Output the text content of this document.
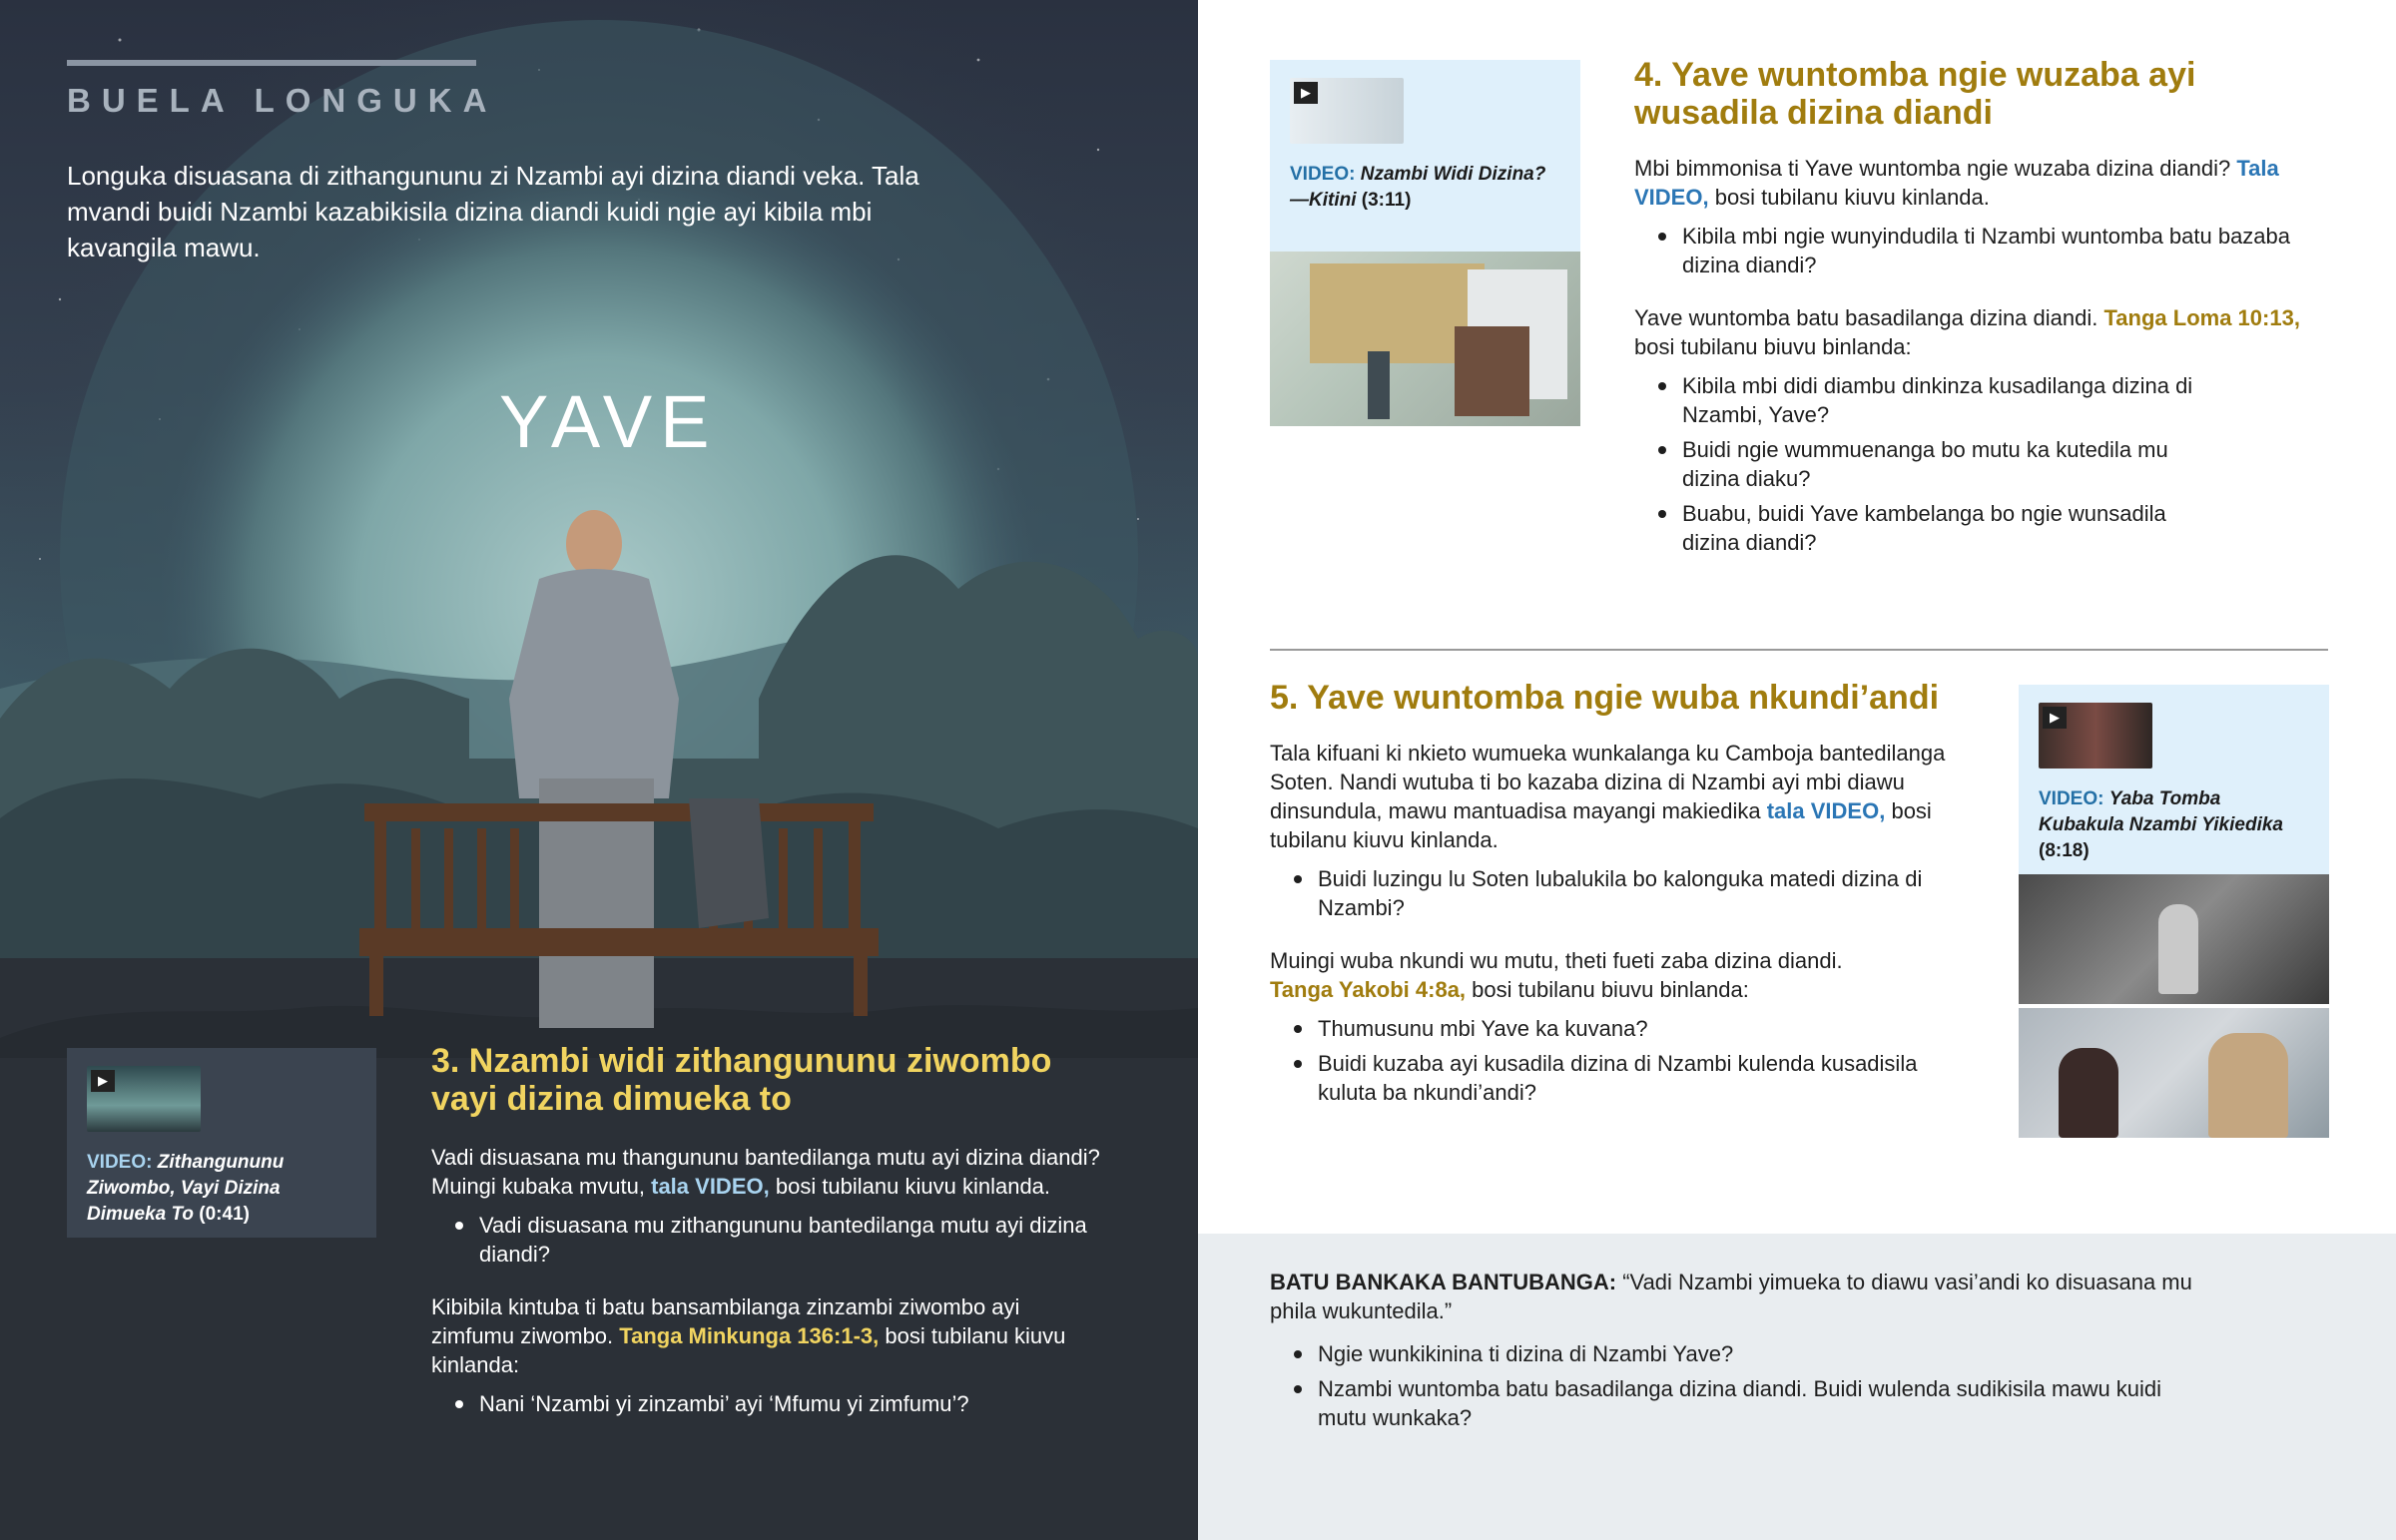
BUELA LONGUKA
Longuka disuasana di zithangununu zi Nzambi ayi dizina diandi veka. Tala mvandi buidi Nzambi kazabikisila dizina diandi kuidi ngie ayi kibila mbi kavangila mawu.
YAVE
▶
VIDEO: Zithangununu Ziwombo, Vayi Dizina Dimueka To (0:41)
3. Nzambi widi zithangununu ziwombo vayi dizina dimueka to
Vadi disuasana mu thangununu bantedilanga mutu ayi dizina diandi? Muingi kubaka mvutu, tala VIDEO, bosi tubilanu kiuvu kinlanda.
Vadi disuasana mu zithangununu bantedilanga mutu ayi dizina diandi?
Kibibila kintuba ti batu bansambilanga zinzambi ziwombo ayi zimfumu ziwombo. Tanga Minkunga 136:1-3, bosi tubilanu kiuvu kinlanda:
Nani ‘Nzambi yi zinzambi’ ayi ‘Mfumu yi zimfumu’?
▶
VIDEO: Nzambi Widi Dizina?
—Kitini (3:11)
4. Yave wuntomba ngie wuzaba ayi wusadila dizina diandi
Mbi bimmonisa ti Yave wuntomba ngie wuzaba dizina diandi? Tala VIDEO, bosi tubilanu kiuvu kinlanda.
Kibila mbi ngie wunyindudila ti Nzambi wuntomba batu bazaba dizina diandi?
Yave wuntomba batu basadilanga dizina diandi. Tanga Loma 10:13, bosi tubilanu biuvu binlanda:
Kibila mbi didi diambu dinkinza kusadilanga dizina di Nzambi, Yave?
Buidi ngie wummuenanga bo mutu ka kutedila mu dizina diaku?
Buabu, buidi Yave kambelanga bo ngie wunsadila dizina diandi?
5. Yave wuntomba ngie wuba nkundi’andi
Tala kifuani ki nkieto wumueka wunkalanga ku Camboja bantedilanga Soten. Nandi wutuba ti bo kazaba dizina di Nzambi ayi mbi diawu dinsundula, mawu mantuadisa mayangi makiedika tala VIDEO, bosi tubilanu kiuvu kinlanda.
Buidi luzingu lu Soten lubalukila bo kalonguka matedi dizina di Nzambi?
Muingi wuba nkundi wu mutu, theti fueti zaba dizina diandi.
Tanga Yakobi 4:8a, bosi tubilanu biuvu binlanda:
Thumusunu mbi Yave ka kuvana?
Buidi kuzaba ayi kusadila dizina di Nzambi kulenda kusadisila kuluta ba nkundi’andi?
▶
VIDEO: Yaba Tomba Kubakula Nzambi Yikiedika (8:18)
BATU BANKAKA BANTUBANGA: “Vadi Nzambi yimueka to diawu vasi’andi ko disuasana mu phila wukuntedila.”
Ngie wunkikinina ti dizina di Nzambi Yave?
Nzambi wuntomba batu basadilanga dizina diandi. Buidi wulenda sudikisila mawu kuidi mutu wunkaka?
